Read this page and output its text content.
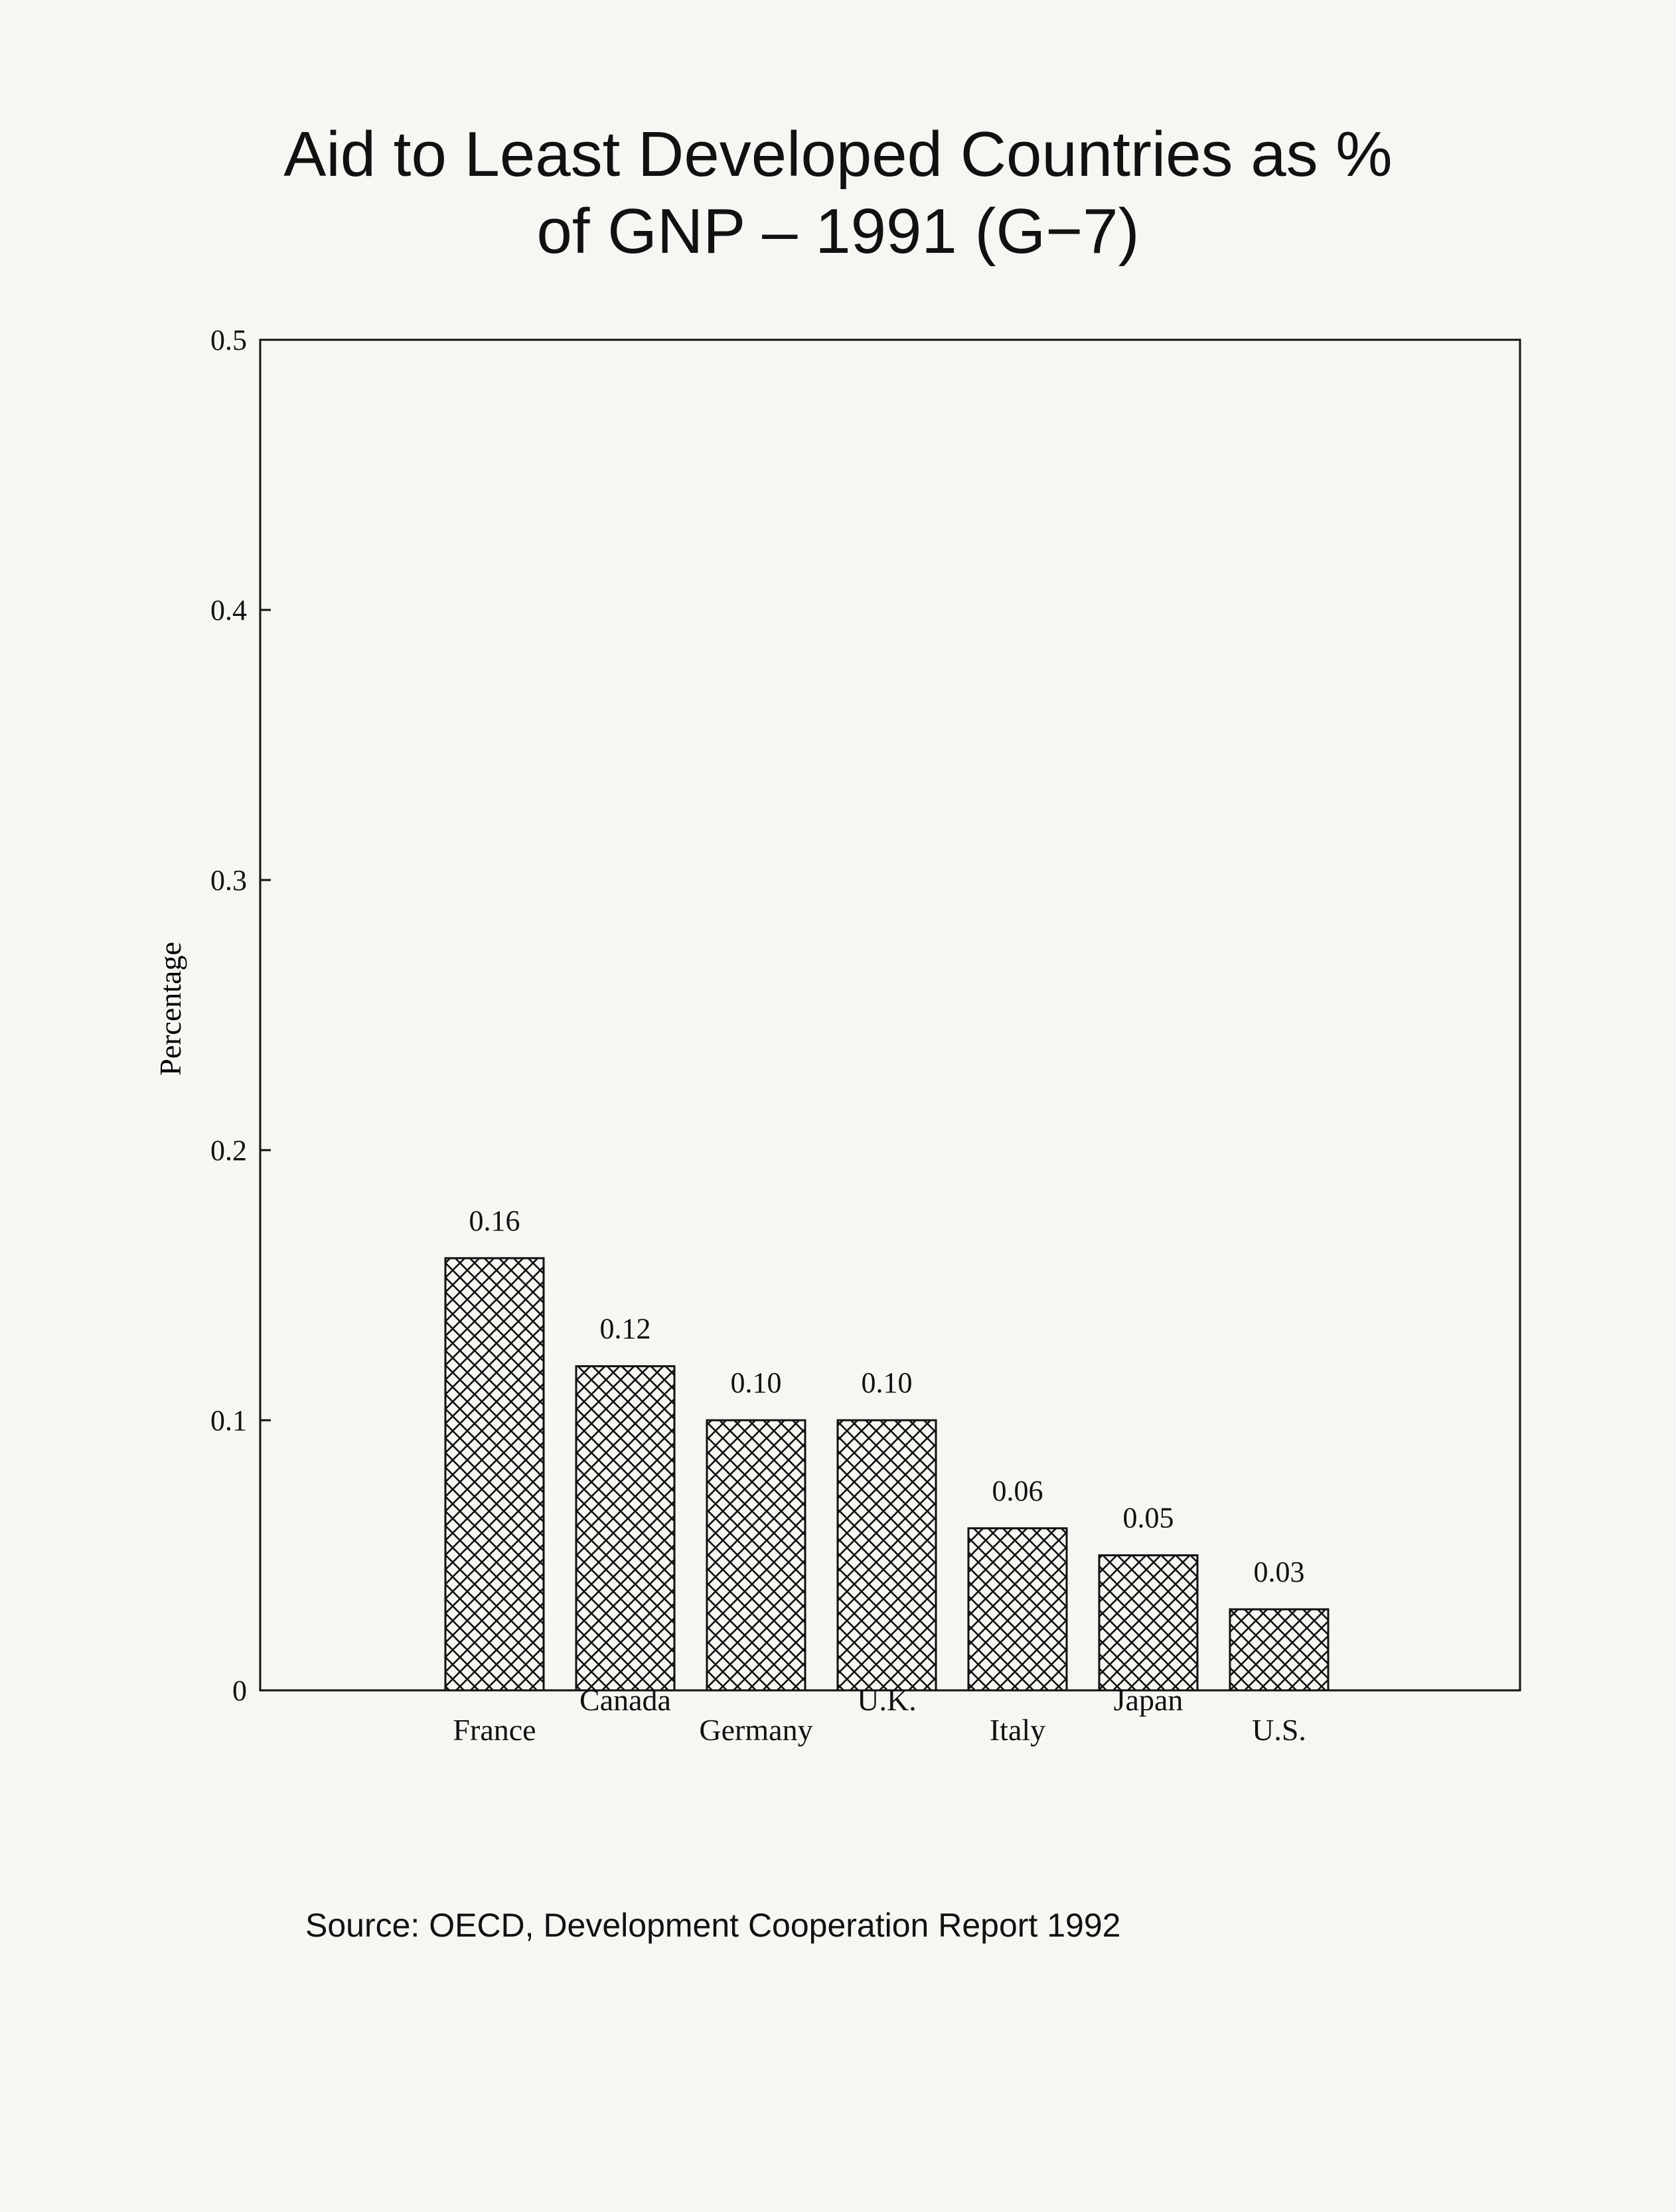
Aid to Least Developed Countries as %
of GNP – 1991 (G−7)
0
0.1
0.2
0.3
0.4
0.5
Percentage
0.16
France
0.12
Canada
0.10
Germany
0.10
U.K.
0.06
Italy
0.05
Japan
0.03
U.S.
Source: OECD, Development Cooperation Report 1992
